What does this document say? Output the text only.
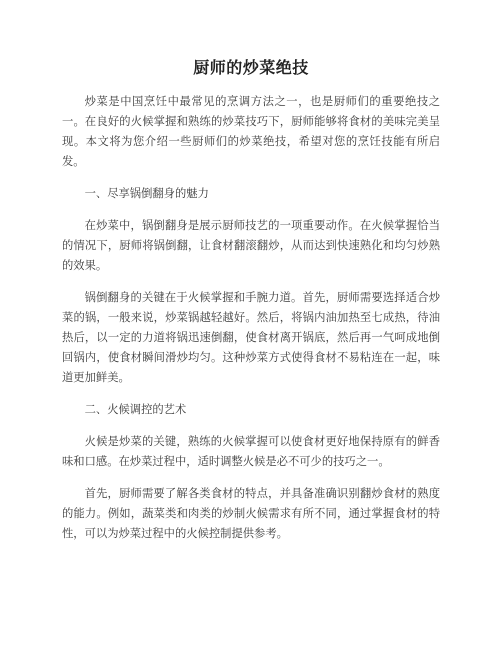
厨师的炒菜绝技

炒菜是中国烹饪中最常见的烹调方法之一，也是厨师们的重要绝技之一。在良好的火候掌握和熟练的炒菜技巧下，厨师能够将食材的美味完美呈现。本文将为您介绍一些厨师们的炒菜绝技，希望对您的烹饪技能有所启发。

一、尽享锅倒翻身的魅力

在炒菜中，锅倒翻身是展示厨师技艺的一项重要动作。在火候掌握恰当的情况下，厨师将锅倒翻，让食材翻滚翻炒，从而达到快速熟化和均匀炒熟的效果。

锅倒翻身的关键在于火候掌握和手腕力道。首先，厨师需要选择适合炒菜的锅，一般来说，炒菜锅越轻越好。然后，将锅内油加热至七成热，待油热后，以一定的力道将锅迅速倒翻，使食材离开锅底，然后再一气呵成地倒回锅内，使食材瞬间滑炒均匀。这种炒菜方式使得食材不易粘连在一起，味道更加鲜美。

二、火候调控的艺术

火候是炒菜的关键，熟练的火候掌握可以使食材更好地保持原有的鲜香味和口感。在炒菜过程中，适时调整火候是必不可少的技巧之一。

首先，厨师需要了解各类食材的特点，并具备准确识别翻炒食材的熟度的能力。例如，蔬菜类和肉类的炒制火候需求有所不同，通过掌握食材的特性，可以为炒菜过程中的火候控制提供参考。
